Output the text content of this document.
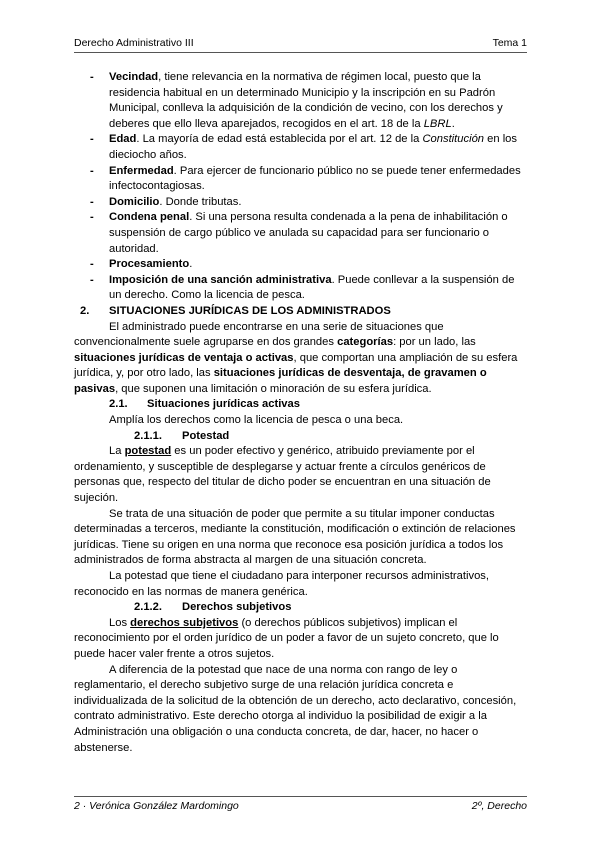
Derecho Administrativo III	Tema 1
- Vecindad, tiene relevancia en la normativa de régimen local, puesto que la residencia habitual en un determinado Municipio y la inscripción en su Padrón Municipal, conlleva la adquisición de la condición de vecino, con los derechos y deberes que ello lleva aparejados, recogidos en el art. 18 de la LBRL.
- Edad. La mayoría de edad está establecida por el art. 12 de la Constitución en los dieciocho años.
- Enfermedad. Para ejercer de funcionario público no se puede tener enfermedades infectocontagiosas.
- Domicilio. Donde tributas.
- Condena penal. Si una persona resulta condenada a la pena de inhabilitación o suspensión de cargo público ve anulada su capacidad para ser funcionario o autoridad.
- Procesamiento.
- Imposición de una sanción administrativa. Puede conllevar a la suspensión de un derecho. Como la licencia de pesca.
2. SITUACIONES JURÍDICAS DE LOS ADMINISTRADOS
El administrado puede encontrarse en una serie de situaciones que convencionalmente suele agruparse en dos grandes categorías: por un lado, las situaciones jurídicas de ventaja o activas, que comportan una ampliación de su esfera jurídica, y, por otro lado, las situaciones jurídicas de desventaja, de gravamen o pasivas, que suponen una limitación o minoración de su esfera jurídica.
2.1. Situaciones jurídicas activas
Amplía los derechos como la licencia de pesca o una beca.
2.1.1. Potestad
La potestad es un poder efectivo y genérico, atribuido previamente por el ordenamiento, y susceptible de desplegarse y actuar frente a círculos genéricos de personas que, respecto del titular de dicho poder se encuentran en una situación de sujeción.
Se trata de una situación de poder que permite a su titular imponer conductas determinadas a terceros, mediante la constitución, modificación o extinción de relaciones jurídicas. Tiene su origen en una norma que reconoce esa posición jurídica a todos los administrados de forma abstracta al margen de una situación concreta.
La potestad que tiene el ciudadano para interponer recursos administrativos, reconocido en las normas de manera genérica.
2.1.2. Derechos subjetivos
Los derechos subjetivos (o derechos públicos subjetivos) implican el reconocimiento por el orden jurídico de un poder a favor de un sujeto concreto, que lo puede hacer valer frente a otros sujetos.
A diferencia de la potestad que nace de una norma con rango de ley o reglamentario, el derecho subjetivo surge de una relación jurídica concreta e individualizada de la solicitud de la obtención de un derecho, acto declarativo, concesión, contrato administrativo. Este derecho otorga al individuo la posibilidad de exigir a la Administración una obligación o una conducta concreta, de dar, hacer, no hacer o abstenerse.
2 · Verónica González Mardomingo	2º, Derecho
